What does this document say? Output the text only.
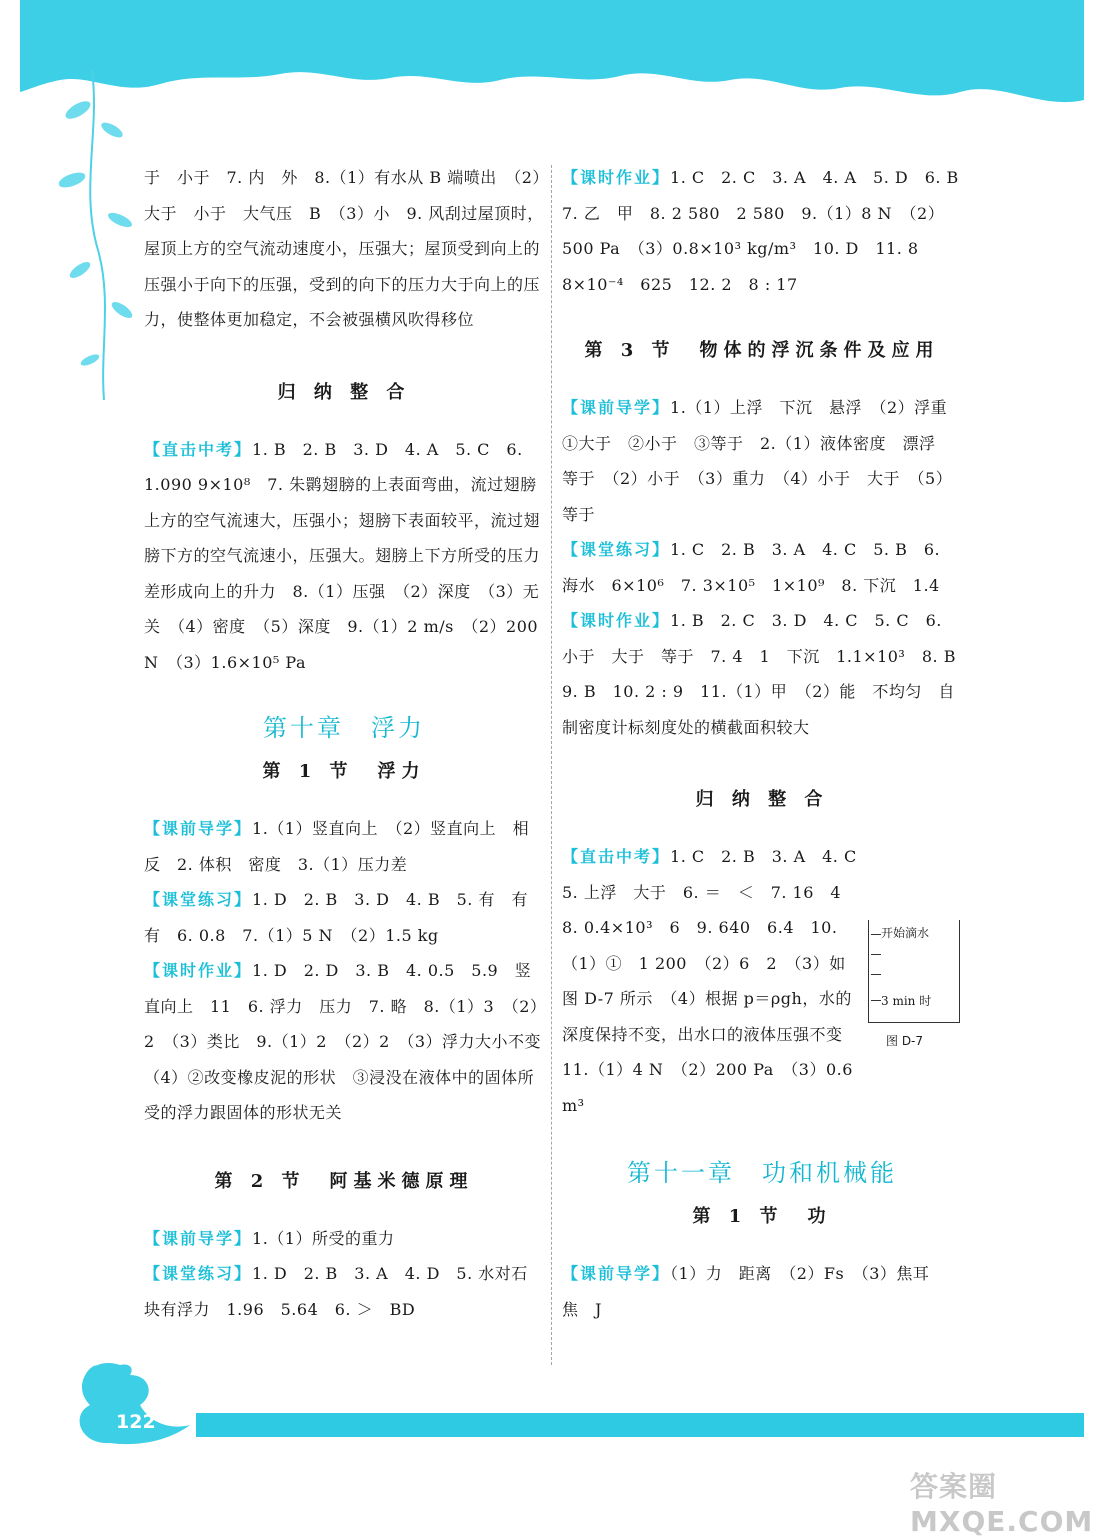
于　小于　7. 内　外　8.（1）有水从 B 端喷出　（2）大于　小于　大气压　B　（3）小　9. 风刮过屋顶时，屋顶上方的空气流动速度小，压强大；屋顶受到向上的压强小于向下的压强，受到的向下的压力大于向上的压力，使整体更加稳定，不会被强横风吹得移位

归 纳 整 合

【直击中考】1. B　2. B　3. D　4. A　5. C　6. 1.090 9×10⁸　7. 朱鹮翅膀的上表面弯曲，流过翅膀上方的空气流速大，压强小；翅膀下表面较平，流过翅膀下方的空气流速小，压强大。翅膀上下方所受的压力差形成向上的升力　8.（1）压强　（2）深度　（3）无关　（4）密度　（5）深度　9.（1）2 m/s　（2）200 N　（3）1.6×10⁵ Pa

第十章　浮力
第 1 节　浮力

【课前导学】1.（1）竖直向上　（2）竖直向上　相反　2. 体积　密度　3.（1）压力差

【课堂练习】1. D　2. B　3. D　4. B　5. 有　有　有　6. 0.8　7.（1）5 N　（2）1.5 kg

【课时作业】1. D　2. D　3. B　4. 0.5　5.9　竖直向上　11　6. 浮力　压力　7. 略　8.（1）3　（2）2　（3）类比　9.（1）2　（2）2　（3）浮力大小不变　（4）②改变橡皮泥的形状　③浸没在液体中的固体所受的浮力跟固体的形状无关

第 2 节　阿基米德原理

【课前导学】1.（1）所受的重力

【课堂练习】1. D　2. B　3. A　4. D　5. 水对石块有浮力　1.96　5.64　6. ＞　BD

【课时作业】1. C　2. C　3. A　4. A　5. D　6. B　7. 乙　甲　8. 2 580　2 580　9.（1）8 N　（2）500 Pa　（3）0.8×10³ kg/m³　10. D　11. 8　8×10⁻⁴　625　12. 2　8 : 17

第 3 节　物体的浮沉条件及应用

【课前导学】1.（1）上浮　下沉　悬浮　（2）浮重　①大于　②小于　③等于　2.（1）液体密度　漂浮　等于　（2）小于　（3）重力　（4）小于　大于　（5）等于

【课堂练习】1. C　2. B　3. A　4. C　5. B　6. 海水　6×10⁶　7. 3×10⁵　1×10⁹　8. 下沉　1.4

【课时作业】1. B　2. C　3. D　4. C　5. C　6. 小于　大于　等于　7. 4　1　下沉　1.1×10³　8. B　9. B　10. 2 : 9　11.（1）甲　（2）能　不均匀　自制密度计标刻度处的横截面积较大

归 纳 整 合

【直击中考】1. C　2. B　3. A　4. C　5. 上浮　大于　6. ＝　＜　7. 16　4　8. 0.4×10³　6　9. 640　6.4　10.（1）①　1 200　（2）6　2　（3）如图 D-7 所示　（4）根据 p＝ρgh，水的深度保持不变，出水口的液体压强不变　11.（1）4 N　（2）200 Pa　（3）0.6 m³

第十一章　功和机械能
第 1 节　功

【课前导学】（1）力　距离　（2）Fs　（3）焦耳　焦　J

开始滴水
3 min 时
图 D-7
122
答案圈 MXQE.COM
